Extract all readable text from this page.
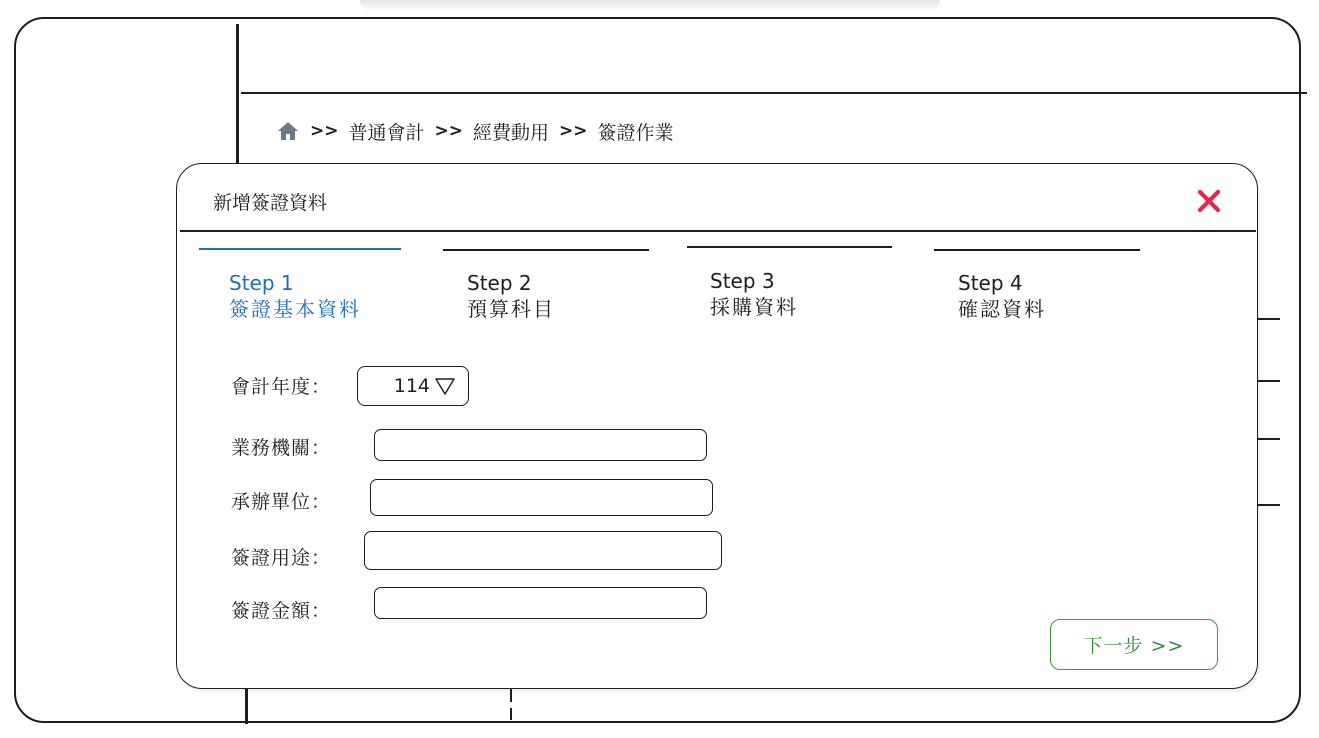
>> 普通會計 >> 經費動用 >> 簽證作業
新增簽證資料
Step 1
簽證基本資料
Step 2
預算科目
Step 3
採購資料
Step 4
確認資料
會計年度：	114
業務機關：
承辦單位：
簽證用途：
簽證金額：
下一步 >>
